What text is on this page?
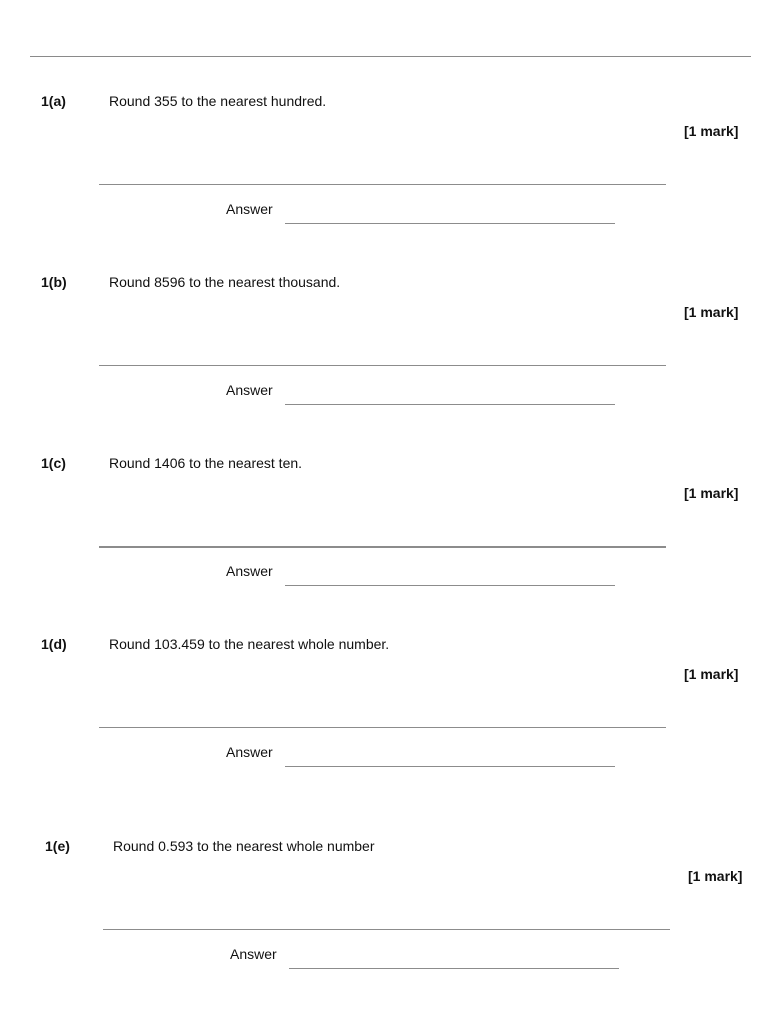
1(a)	Round 355 to the nearest hundred.
[1 mark]
Answer
1(b)	Round 8596 to the nearest thousand.
[1 mark]
Answer
1(c)	Round 1406 to the nearest ten.
[1 mark]
Answer
1(d)	Round 103.459 to the nearest whole number.
[1 mark]
Answer
1(e)	Round 0.593 to the nearest whole number
[1 mark]
Answer
